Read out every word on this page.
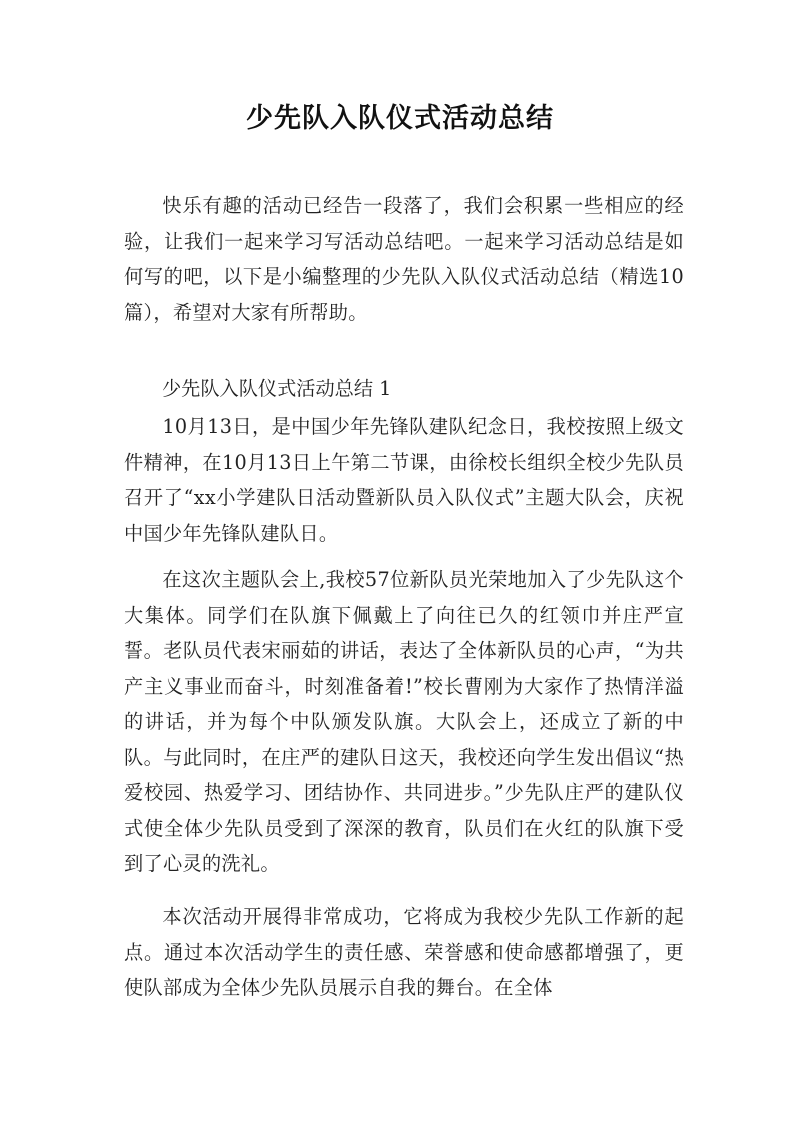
少先队入队仪式活动总结

快乐有趣的活动已经告一段落了，我们会积累一些相应的经验，让我们一起来学习写活动总结吧。一起来学习活动总结是如何写的吧，以下是小编整理的少先队入队仪式活动总结（精选10篇），希望对大家有所帮助。

少先队入队仪式活动总结 1

10月13日，是中国少年先锋队建队纪念日，我校按照上级文件精神，在10月13日上午第二节课，由徐校长组织全校少先队员召开了“xx小学建队日活动暨新队员入队仪式”主题大队会，庆祝中国少年先锋队建队日。

在这次主题队会上,我校57位新队员光荣地加入了少先队这个大集体。同学们在队旗下佩戴上了向往已久的红领巾并庄严宣誓。老队员代表宋丽茹的讲话，表达了全体新队员的心声，“为共产主义事业而奋斗，时刻准备着!”校长曹刚为大家作了热情洋溢的讲话，并为每个中队颁发队旗。大队会上，还成立了新的中队。与此同时，在庄严的建队日这天，我校还向学生发出倡议“热爱校园、热爱学习、团结协作、共同进步。”少先队庄严的建队仪式使全体少先队员受到了深深的教育，队员们在火红的队旗下受到了心灵的洗礼。

本次活动开展得非常成功，它将成为我校少先队工作新的起点。通过本次活动学生的责任感、荣誉感和使命感都增强了，更使队部成为全体少先队员展示自我的舞台。在全体
